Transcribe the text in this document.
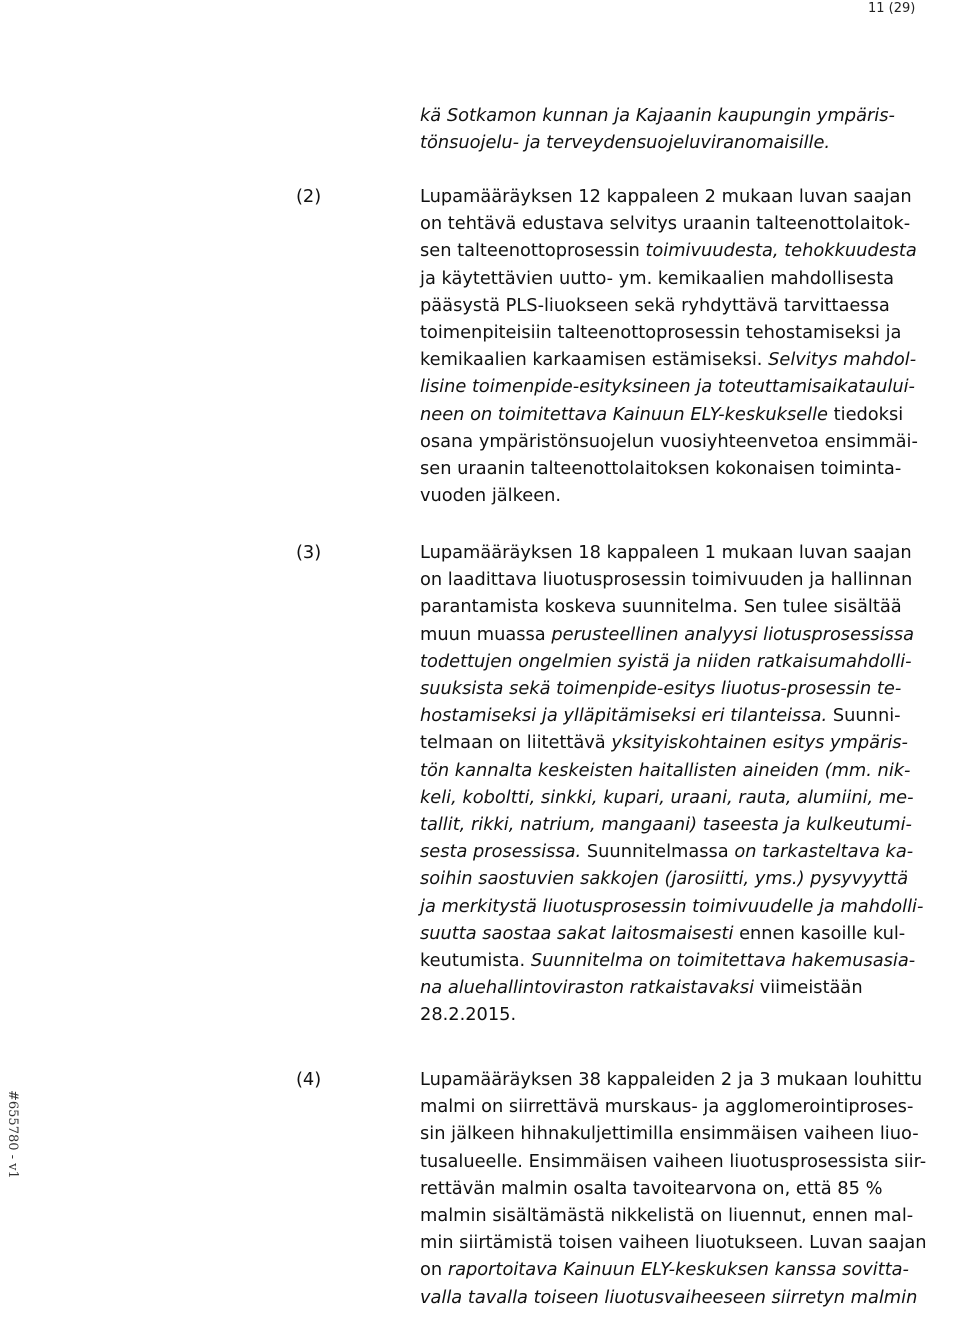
11 (29)
#655780 - v1
kä Sotkamon kunnan ja Kajaanin kaupungin ympäris-
tönsuojelu- ja terveydensuojeluviranomaisille.
(2)	Lupamääräyksen 12 kappaleen 2 mukaan luvan saajan
on tehtävä edustava selvitys uraanin talteenottolaitok-
sen talteenottoprosessin toimivuudesta, tehokkuudesta
ja käytettävien uutto- ym. kemikaalien mahdollisesta
pääsystä PLS-liuokseen sekä ryhdyttävä tarvittaessa
toimenpiteisiin talteenottoprosessin tehostamiseksi ja
kemikaalien karkaamisen estämiseksi. Selvitys mahdol-
lisine toimenpide-esityksineen ja toteuttamisaikataului-
neen on toimitettava Kainuun ELY-keskukselle tiedoksi
osana ympäristönsuojelun vuosiyhteenvetoa ensimmäi-
sen uraanin talteenottolaitoksen kokonaisen toiminta-
vuoden jälkeen.
(3)	Lupamääräyksen 18 kappaleen 1 mukaan luvan saajan
on laadittava liuotusprosessin toimivuuden ja hallinnan
parantamista koskeva suunnitelma. Sen tulee sisältää
muun muassa perusteellinen analyysi liotusprosessissa
todettujen ongelmien syistä ja niiden ratkaisumahdolli-
suuksista sekä toimenpide-esitys liuotus-prosessin te-
hostamiseksi ja ylläpitämiseksi eri tilanteissa. Suunni-
telmaan on liitettävä yksityiskohtainen esitys ympäris-
tön kannalta keskeisten haitallisten aineiden (mm. nik-
keli, koboltti, sinkki, kupari, uraani, rauta, alumiini, me-
tallit, rikki, natrium, mangaani) taseesta ja kulkeutumi-
sesta prosessissa. Suunnitelmassa on tarkasteltava ka-
soihin saostuvien sakkojen (jarosiitti, yms.) pysyvyyttä
ja merkitystä liuotusprosessin toimivuudelle ja mahdolli-
suutta saostaa sakat laitosmaisesti ennen kasoille kul-
keutumista. Suunnitelma on toimitettava hakemusasia-
na aluehallintoviraston ratkaistavaksi viimeistään
28.2.2015.
(4)	Lupamääräyksen 38 kappaleiden 2 ja 3 mukaan louhittu
malmi on siirrettävä murskaus- ja agglomerointiproses-
sin jälkeen hihnakuljettimilla ensimmäisen vaiheen liuo-
tusalueelle. Ensimmäisen vaiheen liuotusprosessista siir-
rettävän malmin osalta tavoitearvona on, että 85 %
malmin sisältämästä nikkelistä on liuennut, ennen mal-
min siirtämistä toisen vaiheen liuotukseen. Luvan saajan
on raportoitava Kainuun ELY-keskuksen kanssa sovitta-
valla tavalla toiseen liuotusvaiheeseen siirretyn malmin
